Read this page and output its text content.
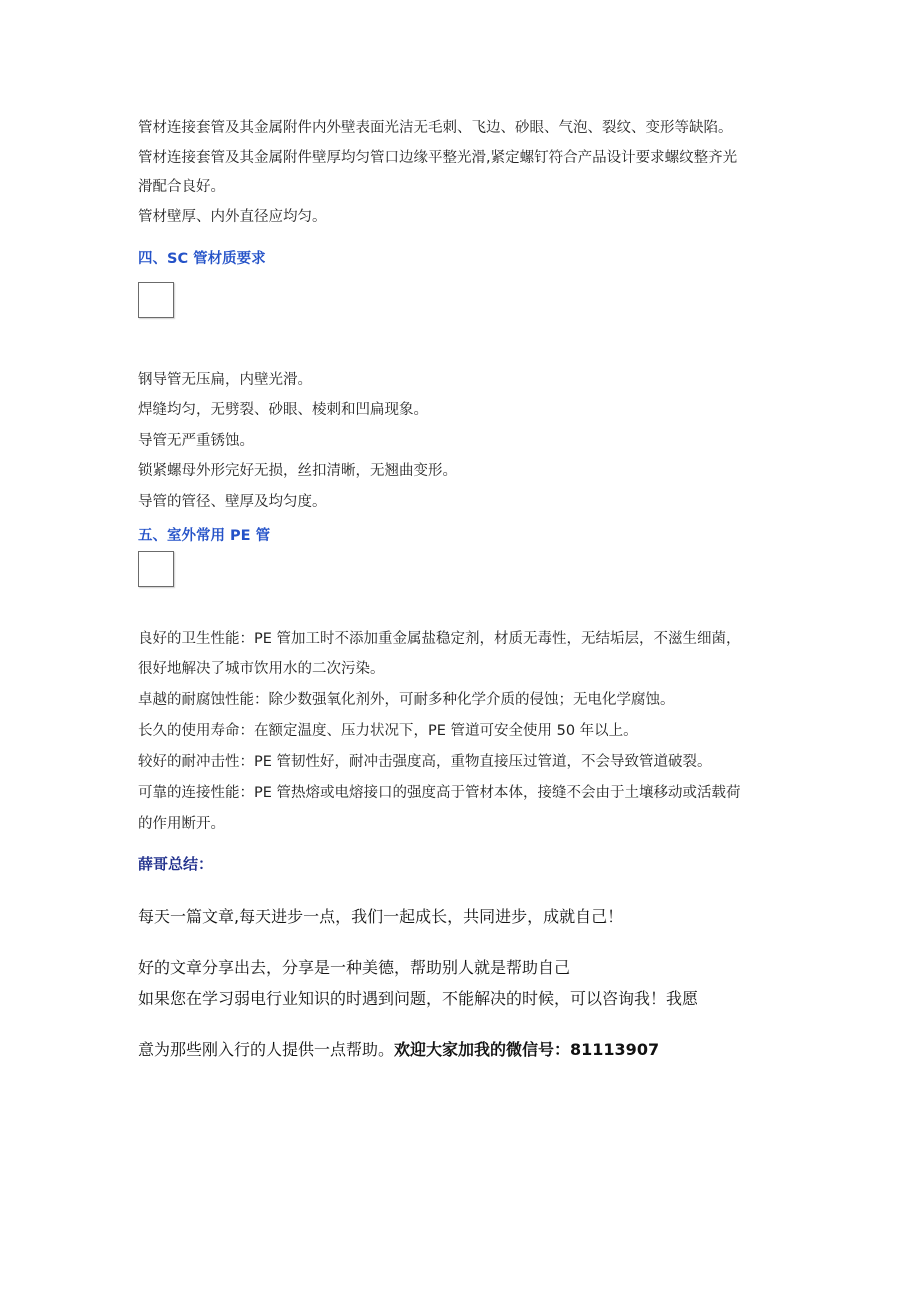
管材连接套管及其金属附件内外壁表面光洁无毛刺、飞边、砂眼、气泡、裂纹、变形等缺陷。
管材连接套管及其金属附件壁厚均匀管口边缘平整光滑,紧定螺钉符合产品设计要求螺纹整齐光
滑配合良好。
管材壁厚、内外直径应均匀。
四、SC 管材质要求
钢导管无压扁，内壁光滑。
焊缝均匀，无劈裂、砂眼、棱刺和凹扁现象。
导管无严重锈蚀。
锁紧螺母外形完好无损，丝扣清晰，无翘曲变形。
导管的管径、壁厚及均匀度。
五、室外常用 PE 管
良好的卫生性能：PE 管加工时不添加重金属盐稳定剂，材质无毒性，无结垢层，不滋生细菌，
很好地解决了城市饮用水的二次污染。
卓越的耐腐蚀性能：除少数强氧化剂外，可耐多种化学介质的侵蚀；无电化学腐蚀。
长久的使用寿命：在额定温度、压力状况下，PE 管道可安全使用 50 年以上。
较好的耐冲击性：PE 管韧性好，耐冲击强度高，重物直接压过管道，不会导致管道破裂。
可靠的连接性能：PE 管热熔或电熔接口的强度高于管材本体，接缝不会由于土壤移动或活载荷
的作用断开。
薛哥总结：
每天一篇文章,每天进步一点，我们一起成长，共同进步，成就自己！
好的文章分享出去，分享是一种美德，帮助别人就是帮助自己
如果您在学习弱电行业知识的时遇到问题，不能解决的时候，可以咨询我！我愿
意为那些刚入行的人提供一点帮助。欢迎大家加我的微信号：81113907
